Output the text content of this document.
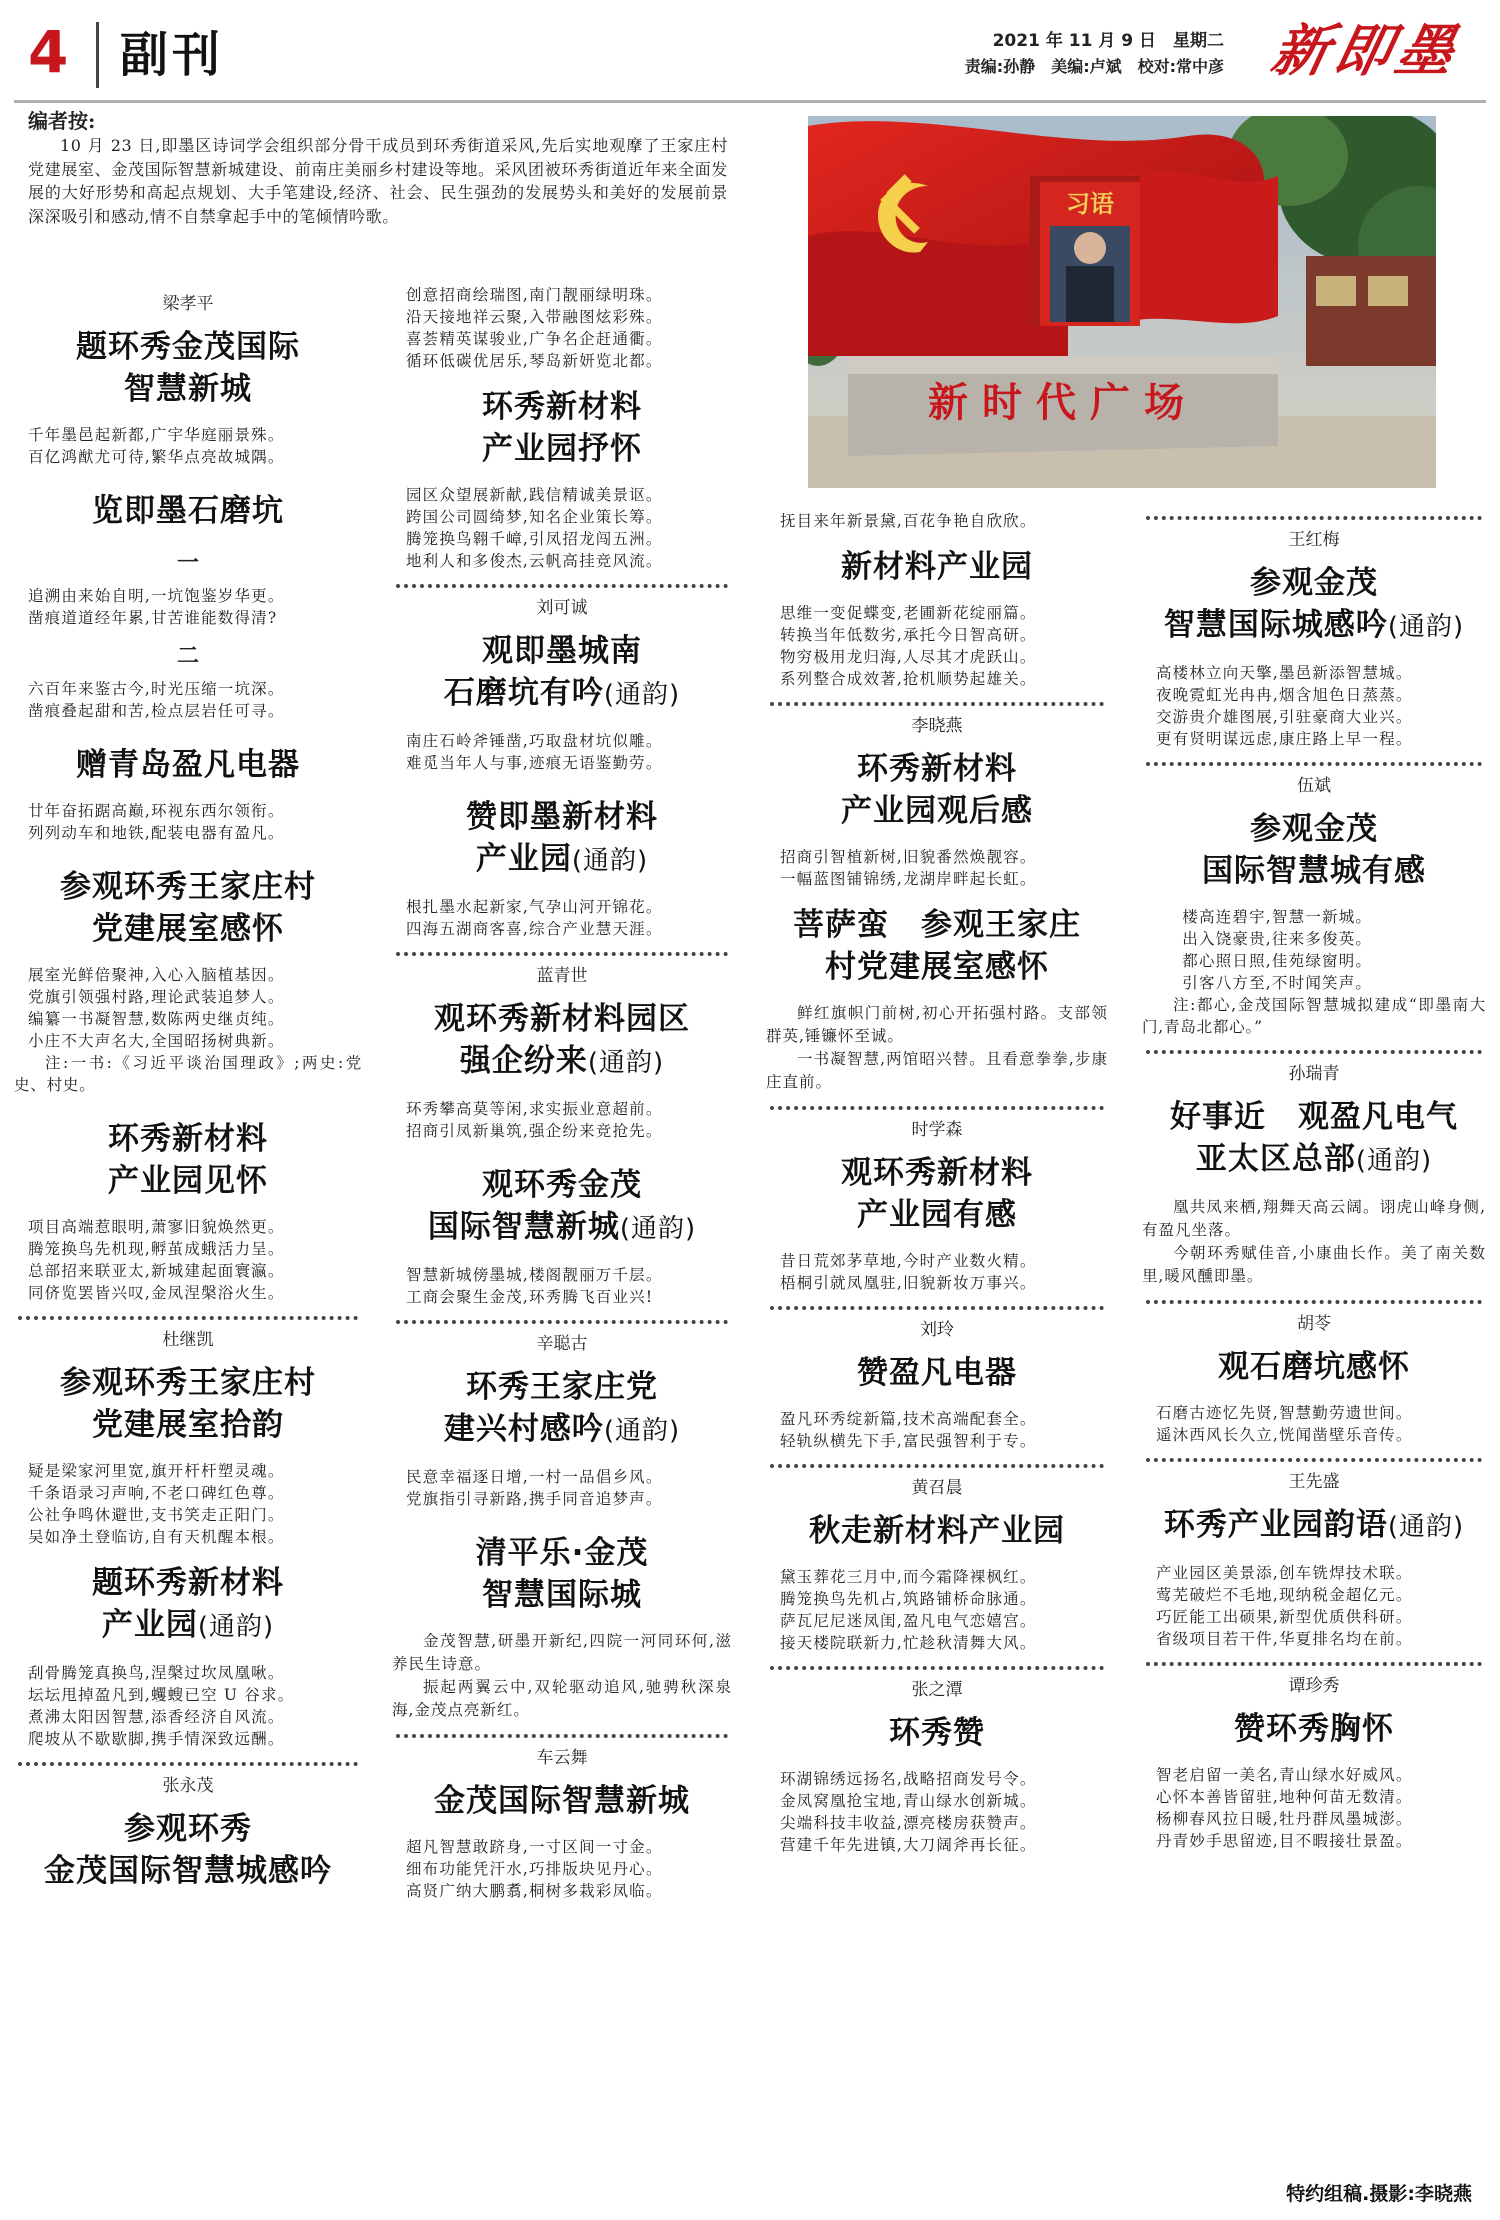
4 副刊	2021 年 11 月 9 日　星期二
责编:孙静　美编:卢斌　校对:常中彦 新即墨
编者按:
10 月 23 日,即墨区诗词学会组织部分骨干成员到环秀街道采风,先后实地观摩了王家庄村党建展室、金茂国际智慧新城建设、前南庄美丽乡村建设等地。采风团被环秀街道近年来全面发展的大好形势和高起点规划、大手笔建设,经济、社会、民生强劲的发展势头和美好的发展前景深深吸引和感动,情不自禁拿起手中的笔倾情吟歌。	习语
新时代广场
梁孝平
题环秀金茂国际
智慧新城
千年墨邑起新都,广宇华庭丽景殊。
百亿鸿猷尤可待,繁华点亮故城隅。
览即墨石磨坑
一
追溯由来始自明,一坑饱鉴岁华更。
凿痕道道经年累,甘苦谁能数得清?
二
六百年来鉴古今,时光压缩一坑深。
凿痕叠起甜和苦,检点层岩任可寻。
赠青岛盈凡电器
廿年奋拓踞高巅,环视东西尔领衔。
列列动车和地铁,配装电器有盈凡。
参观环秀王家庄村
党建展室感怀
展室光鲜倍聚神,入心入脑植基因。
党旗引领强村路,理论武装追梦人。
编纂一书凝智慧,数陈两史继贞纯。
小庄不大声名大,全国昭扬树典新。
注:一书:《习近平谈治国理政》;两史:党史、村史。
环秀新材料
产业园见怀
项目高端惹眼明,萧寥旧貌焕然更。
腾笼换鸟先机现,孵茧成蛾活力呈。
总部招来联亚太,新城建起面寰瀛。
同侪览罢皆兴叹,金凤涅槃浴火生。
杜继凯
参观环秀王家庄村
党建展室拾韵
疑是梁家河里宽,旗开杆杆塑灵魂。
千条语录习声响,不老口碑红色尊。
公社争鸣休避世,支书笑走正阳门。
吴如净土登临访,自有天机醒本根。
题环秀新材料
产业园(通韵)
刮骨腾笼真换鸟,涅槃过坎凤凰啾。
坛坛甩掉盈凡到,蠼螋已空 U 谷求。
煮沸太阳因智慧,添香经济自风流。
爬坡从不歇歇脚,携手情深致远酬。
张永茂
参观环秀
金茂国际智慧城感吟
创意招商绘瑞图,南门靓丽绿明珠。
沿天接地祥云聚,入带融图炫彩殊。
喜荟精英谋骏业,广争名企赶通衢。
循环低碳优居乐,琴岛新妍览北都。
环秀新材料
产业园抒怀
园区众望展新献,践信精诚美景讴。
跨国公司圆绮梦,知名企业策长筹。
腾笼换鸟翱千嶂,引凤招龙闯五洲。
地利人和多俊杰,云帆高挂竞风流。
刘可诚
观即墨城南
石磨坑有吟(通韵)
南庄石岭斧锤凿,巧取盘材坑似雕。
难觅当年人与事,迹痕无语鉴勤劳。
赞即墨新材料
产业园(通韵)
根扎墨水起新家,气孕山河开锦花。
四海五湖商客喜,综合产业慧天涯。
蓝青世
观环秀新材料园区
强企纷来(通韵)
环秀攀高莫等闲,求实振业意超前。
招商引凤新巢筑,强企纷来竞抢先。
观环秀金茂
国际智慧新城(通韵)
智慧新城傍墨城,楼阁靓丽万千层。
工商会聚生金茂,环秀腾飞百业兴!
辛聪古
环秀王家庄党
建兴村感吟(通韵)
民意幸福逐日增,一村一品倡乡风。
党旗指引寻新路,携手同音追梦声。
清平乐·金茂
智慧国际城
金茂智慧,研墨开新纪,四院一河同环何,滋养民生诗意。
振起两翼云中,双轮驱动追风,驰骋秋深泉海,金茂点亮新红。
车云舞
金茂国际智慧新城
超凡智慧敢跻身,一寸区间一寸金。
细布功能凭汗水,巧排版块见丹心。
高贤广纳大鹏翥,桐树多栽彩凤临。
抚目来年新景黛,百花争艳自欣欣。
新材料产业园
思维一变促蝶变,老圃新花绽丽篇。
转换当年低数劣,承托今日智高研。
物穷极用龙归海,人尽其才虎跃山。
系列整合成效著,抢机顺势起雄关。
李晓燕
环秀新材料
产业园观后感
招商引智植新树,旧貌番然焕靓容。
一幅蓝图铺锦绣,龙湖岸畔起长虹。
菩萨蛮　参观王家庄
村党建展室感怀
鲜红旗帜门前树,初心开拓强村路。支部领群英,锤镰怀至诚。
一书凝智慧,两馆昭兴替。且看意拳拳,步康庄直前。
时学森
观环秀新材料
产业园有感
昔日荒郊茅草地,今时产业数火精。
梧桐引就凤凰驻,旧貌新妆万事兴。
刘玲
赞盈凡电器
盈凡环秀绽新篇,技术高端配套全。
轻轨纵横先下手,富民强智利于专。
黄召晨
秋走新材料产业园
黛玉葬花三月中,而今霜降裸枫红。
腾笼换鸟先机占,筑路铺桥命脉通。
萨瓦尼尼迷凤闺,盈凡电气恋嬉宫。
接天楼院联新力,忙趁秋清舞大风。
张之潭
环秀赞
环湖锦绣远扬名,战略招商发号令。
金凤窝凰抢宝地,青山绿水创新城。
尖端科技丰收益,漂亮楼房获赞声。
营建千年先进镇,大刀阔斧再长征。
王红梅
参观金茂
智慧国际城感吟(通韵)
高楼林立向天擎,墨邑新添智慧城。
夜晚霓虹光冉冉,烟含旭色日蒸蒸。
交游贵介雄图展,引驻豪商大业兴。
更有贤明谋远虑,康庄路上早一程。
伍斌
参观金茂
国际智慧城有感
楼高连碧宇,智慧一新城。
出入饶豪贵,往来多俊英。
都心照日照,佳苑绿窗明。
引客八方至,不时闻笑声。
注:都心,金茂国际智慧城拟建成“即墨南大门,青岛北都心。”
孙瑞青
好事近　观盈凡电气
亚太区总部(通韵)
凰共凤来栖,翔舞天高云阔。诩虎山峰身侧,有盈凡坐落。
今朝环秀赋佳音,小康曲长作。美了南关数里,暖风醺即墨。
胡苓
观石磨坑感怀
石磨古迹忆先贤,智慧勤劳遗世间。
遥沐西风长久立,恍闻凿壁乐音传。
王先盛
环秀产业园韵语(通韵)
产业园区美景添,创车铣焊技术联。
莺芜破烂不毛地,现纳税金超亿元。
巧匠能工出硕果,新型优质供科研。
省级项目若干件,华夏排名均在前。
谭珍秀
赞环秀胸怀
智老启留一美名,青山绿水好威风。
心怀本善皆留驻,地种何苗无数清。
杨柳春风拉日暖,牡丹群凤墨城澎。
丹青妙手思留迹,目不暇接壮景盈。
特约组稿.摄影:李晓燕
